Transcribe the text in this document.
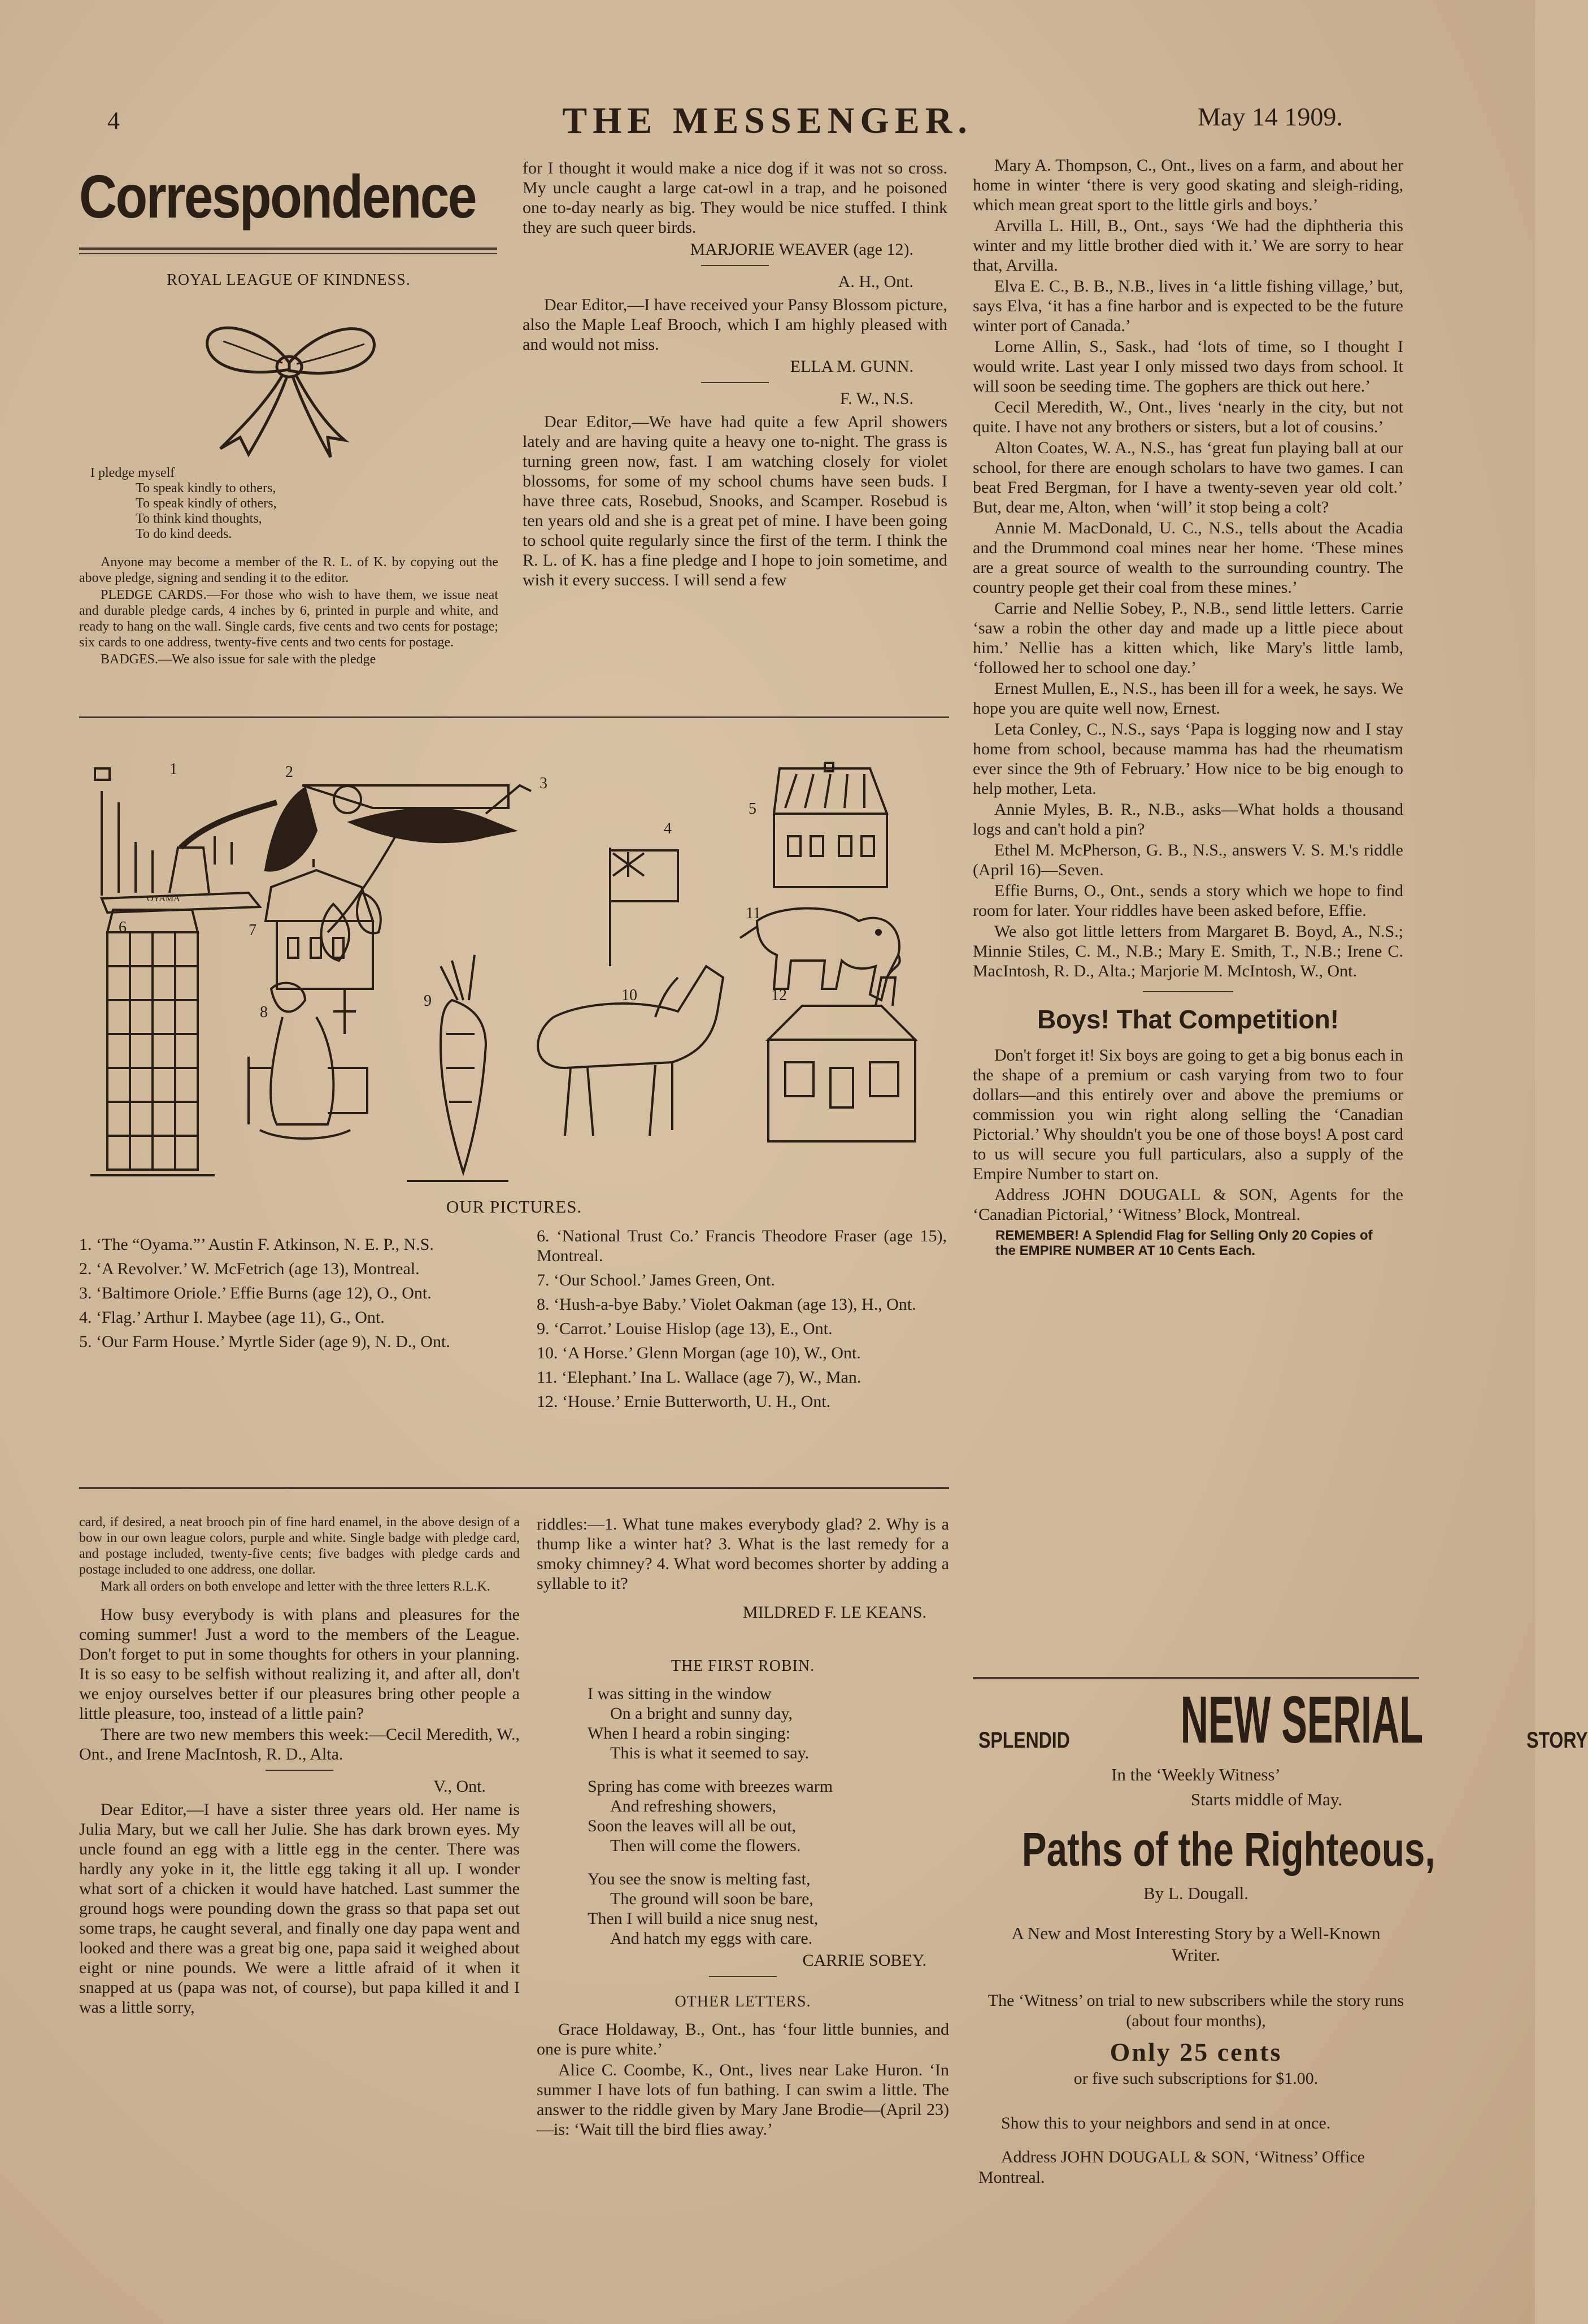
4	THE MESSENGER.	May 14 1909.
Correspondence
ROYAL LEAGUE OF KINDNESS.
I pledge myself
To speak kindly to others,
To speak kindly of others,
To think kind thoughts,
To do kind deeds.

Anyone may become a member of the R. L. of K. by copying out the above pledge, signing and sending it to the editor.

PLEDGE CARDS.—For those who wish to have them, we issue neat and durable pledge cards, 4 inches by 6, printed in purple and white, and ready to hang on the wall. Single cards, five cents and two cents for postage; six cards to one address, twenty-five cents and two cents for postage.

BADGES.—We also issue for sale with the pledge

for I thought it would make a nice dog if it was not so cross. My uncle caught a large cat-owl in a trap, and he poisoned one to-day nearly as big. They would be nice stuffed. I think they are such queer birds.

MARJORIE WEAVER (age 12).
A. H., Ont.

Dear Editor,—I have received your Pansy Blossom picture, also the Maple Leaf Brooch, which I am highly pleased with and would not miss.

ELLA M. GUNN.
F. W., N.S.

Dear Editor,—We have had quite a few April showers lately and are having quite a heavy one to-night. The grass is turning green now, fast. I am watching closely for violet blossoms, for some of my school chums have seen buds. I have three cats, Rosebud, Snooks, and Scamper. Rosebud is ten years old and she is a great pet of mine. I have been going to school quite regularly since the first of the term. I think the R. L. of K. has a fine pledge and I hope to join sometime, and wish it every success. I will send a few

1	2
3
4
5
6	7
8
9	10
11
12
OYAMA
OUR PICTURES.

1. ‘The “Oyama.”’ Austin F. Atkinson, N. E. P., N.S.

2. ‘A Revolver.’ W. McFetrich (age 13), Montreal.

3. ‘Baltimore Oriole.’ Effie Burns (age 12), O., Ont.

4. ‘Flag.’ Arthur I. Maybee (age 11), G., Ont.

5. ‘Our Farm House.’ Myrtle Sider (age 9), N. D., Ont.

6. ‘National Trust Co.’ Francis Theodore Fraser (age 15), Montreal.

7. ‘Our School.’ James Green, Ont.

8. ‘Hush-a-bye Baby.’ Violet Oakman (age 13), H., Ont.

9. ‘Carrot.’ Louise Hislop (age 13), E., Ont.

10. ‘A Horse.’ Glenn Morgan (age 10), W., Ont.

11. ‘Elephant.’ Ina L. Wallace (age 7), W., Man.

12. ‘House.’ Ernie Butterworth, U. H., Ont.

Mary A. Thompson, C., Ont., lives on a farm, and about her home in winter ‘there is very good skating and sleigh-riding, which mean great sport to the little girls and boys.’

Arvilla L. Hill, B., Ont., says ‘We had the diphtheria this winter and my little brother died with it.’ We are sorry to hear that, Arvilla.

Elva E. C., B. B., N.B., lives in ‘a little fishing village,’ but, says Elva, ‘it has a fine harbor and is expected to be the future winter port of Canada.’

Lorne Allin, S., Sask., had ‘lots of time, so I thought I would write. Last year I only missed two days from school. It will soon be seeding time. The gophers are thick out here.’

Cecil Meredith, W., Ont., lives ‘nearly in the city, but not quite. I have not any brothers or sisters, but a lot of cousins.’

Alton Coates, W. A., N.S., has ‘great fun playing ball at our school, for there are enough scholars to have two games. I can beat Fred Bergman, for I have a twenty-seven year old colt.’ But, dear me, Alton, when ‘will’ it stop being a colt?

Annie M. MacDonald, U. C., N.S., tells about the Acadia and the Drummond coal mines near her home. ‘These mines are a great source of wealth to the surrounding country. The country people get their coal from these mines.’

Carrie and Nellie Sobey, P., N.B., send little letters. Carrie ‘saw a robin the other day and made up a little piece about him.’ Nellie has a kitten which, like Mary's little lamb, ‘followed her to school one day.’

Ernest Mullen, E., N.S., has been ill for a week, he says. We hope you are quite well now, Ernest.

Leta Conley, C., N.S., says ‘Papa is logging now and I stay home from school, because mamma has had the rheumatism ever since the 9th of February.’ How nice to be big enough to help mother, Leta.

Annie Myles, B. R., N.B., asks—What holds a thousand logs and can't hold a pin?

Ethel M. McPherson, G. B., N.S., answers V. S. M.'s riddle (April 16)—Seven.

Effie Burns, O., Ont., sends a story which we hope to find room for later. Your riddles have been asked before, Effie.

We also got little letters from Margaret B. Boyd, A., N.S.; Minnie Stiles, C. M., N.B.; Mary E. Smith, T., N.B.; Irene C. MacIntosh, R. D., Alta.; Marjorie M. McIntosh, W., Ont.

Boys! That Competition!

Don't forget it! Six boys are going to get a big bonus each in the shape of a premium or cash varying from two to four dollars—and this entirely over and above the premiums or commission you win right along selling the ‘Canadian Pictorial.’ Why shouldn't you be one of those boys! A post card to us will secure you full particulars, also a supply of the Empire Number to start on.

Address JOHN DOUGALL & SON, Agents for the ‘Canadian Pictorial,’ ‘Witness’ Block, Montreal.

REMEMBER! A Splendid Flag for Selling Only 20 Copies of the EMPIRE NUMBER AT 10 Cents Each.
SPLENDID NEW SERIAL	STORY
In the ‘Weekly Witness’
Starts middle of May.
Paths of the Righteous,
By L. Dougall.
A New and Most Interesting Story by a Well-Known Writer.
The ‘Witness’ on trial to new subscribers while the story runs (about four months),
Only 25 cents
or five such subscriptions for $1.00.
Show this to your neighbors and send in at once.
Address JOHN DOUGALL & SON, ‘Witness’ Office Montreal.

card, if desired, a neat brooch pin of fine hard enamel, in the above design of a bow in our own league colors, purple and white. Single badge with pledge card, and postage included, twenty-five cents; five badges with pledge cards and postage included to one address, one dollar.

Mark all orders on both envelope and letter with the three letters R.L.K.

How busy everybody is with plans and pleasures for the coming summer! Just a word to the members of the League. Don't forget to put in some thoughts for others in your planning. It is so easy to be selfish without realizing it, and after all, don't we enjoy ourselves better if our pleasures bring other people a little pleasure, too, instead of a little pain?

There are two new members this week:—Cecil Meredith, W., Ont., and Irene MacIntosh, R. D., Alta.

V., Ont.

Dear Editor,—I have a sister three years old. Her name is Julia Mary, but we call her Julie. She has dark brown eyes. My uncle found an egg with a little egg in the center. There was hardly any yoke in it, the little egg taking it all up. I wonder what sort of a chicken it would have hatched. Last summer the ground hogs were pounding down the grass so that papa set out some traps, he caught several, and finally one day papa went and looked and there was a great big one, papa said it weighed about eight or nine pounds. We were a little afraid of it when it snapped at us (papa was not, of course), but papa killed it and I was a little sorry,

riddles:—1. What tune makes everybody glad? 2. Why is a thump like a winter hat? 3. What is the last remedy for a smoky chimney? 4. What word becomes shorter by adding a syllable to it?

MILDRED F. LE KEANS.
THE FIRST ROBIN.
I was sitting in the window
On a bright and sunny day,
When I heard a robin singing:
This is what it seemed to say.
Spring has come with breezes warm
And refreshing showers,
Soon the leaves will all be out,
Then will come the flowers.
You see the snow is melting fast,
The ground will soon be bare,
Then I will build a nice snug nest,
And hatch my eggs with care.
CARRIE SOBEY.
OTHER LETTERS.

Grace Holdaway, B., Ont., has ‘four little bunnies, and one is pure white.’

Alice C. Coombe, K., Ont., lives near Lake Huron. ‘In summer I have lots of fun bathing. I can swim a little. The answer to the riddle given by Mary Jane Brodie—(April 23)—is: ‘Wait till the bird flies away.’
